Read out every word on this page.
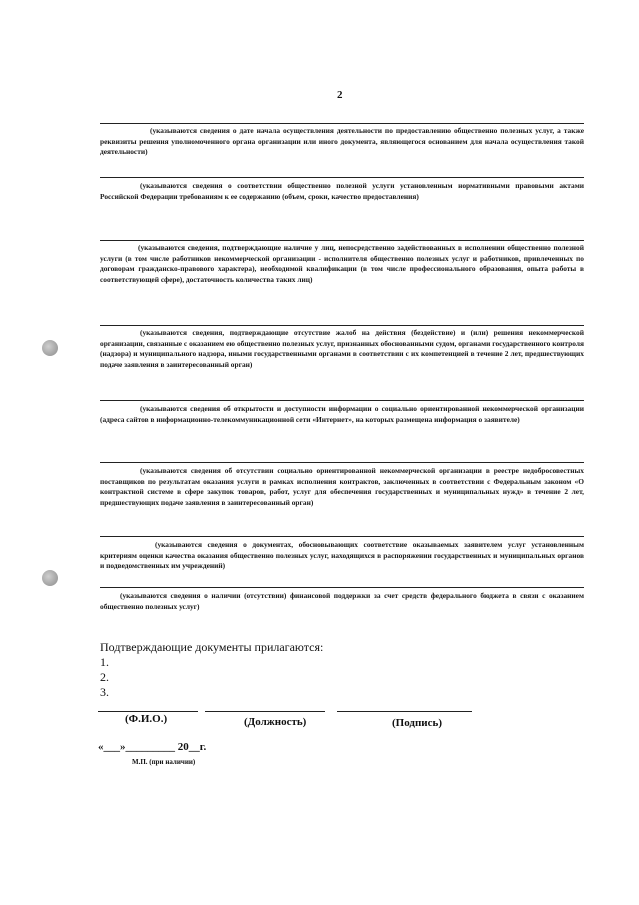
2
(указываются сведения о дате начала осуществления деятельности по предоставлению общественно полезных услуг, а также реквизиты решения уполномоченного органа организации или иного документа, являющегося основанием для начала осуществления такой деятельности)
(указываются сведения о соответствии общественно полезной услуги установленным нормативными правовыми актами Российской Федерации требованиям к ее содержанию (объем, сроки, качество предоставления)
(указываются сведения, подтверждающие наличие у лиц, непосредственно задействованных в исполнении общественно полезной услуги (в том числе работников некоммерческой организации - исполнителя общественно полезных услуг и работников, привлеченных по договорам гражданско-правового характера), необходимой квалификации (в том числе профессионального образования, опыта работы в соответствующей сфере), достаточность количества таких лиц)
(указываются сведения, подтверждающие отсутствие жалоб на действия (бездействие) и (или) решения некоммерческой организации, связанные с оказанием ею общественно полезных услуг, признанных обоснованными судом, органами государственного контроля (надзора) и муниципального надзора, иными государственными органами в соответствии с их компетенцией в течение 2 лет, предшествующих подаче заявления в заинтересованный орган)
(указываются сведения об открытости и доступности информации о социально ориентированной некоммерческой организации (адреса сайтов в информационно-телекоммуникационной сети «Интернет», на которых размещена информация о заявителе)
(указываются сведения об отсутствии социально ориентированной некоммерческой организации в реестре недобросовестных поставщиков по результатам оказания услуги в рамках исполнения контрактов, заключенных в соответствии с Федеральным законом «О контрактной системе в сфере закупок товаров, работ, услуг для обеспечения государственных и муниципальных нужд» в течение 2 лет, предшествующих подаче заявления в заинтересованный орган)
(указываются сведения о документах, обосновывающих соответствие оказываемых заявителем услуг установленным критериям оценки качества оказания общественно полезных услуг, находящихся в распоряжении государственных и муниципальных органов и подведомственных им учреждений)
(указываются сведения о наличии (отсутствии) финансовой поддержки за счет средств федерального бюджета в связи с оказанием общественно полезных услуг)
Подтверждающие документы прилагаются:
1.
2.
3.
(Ф.И.О.)	(Должность)	(Подпись)
«___»_________ 20__г.
М.П. (при наличии)
